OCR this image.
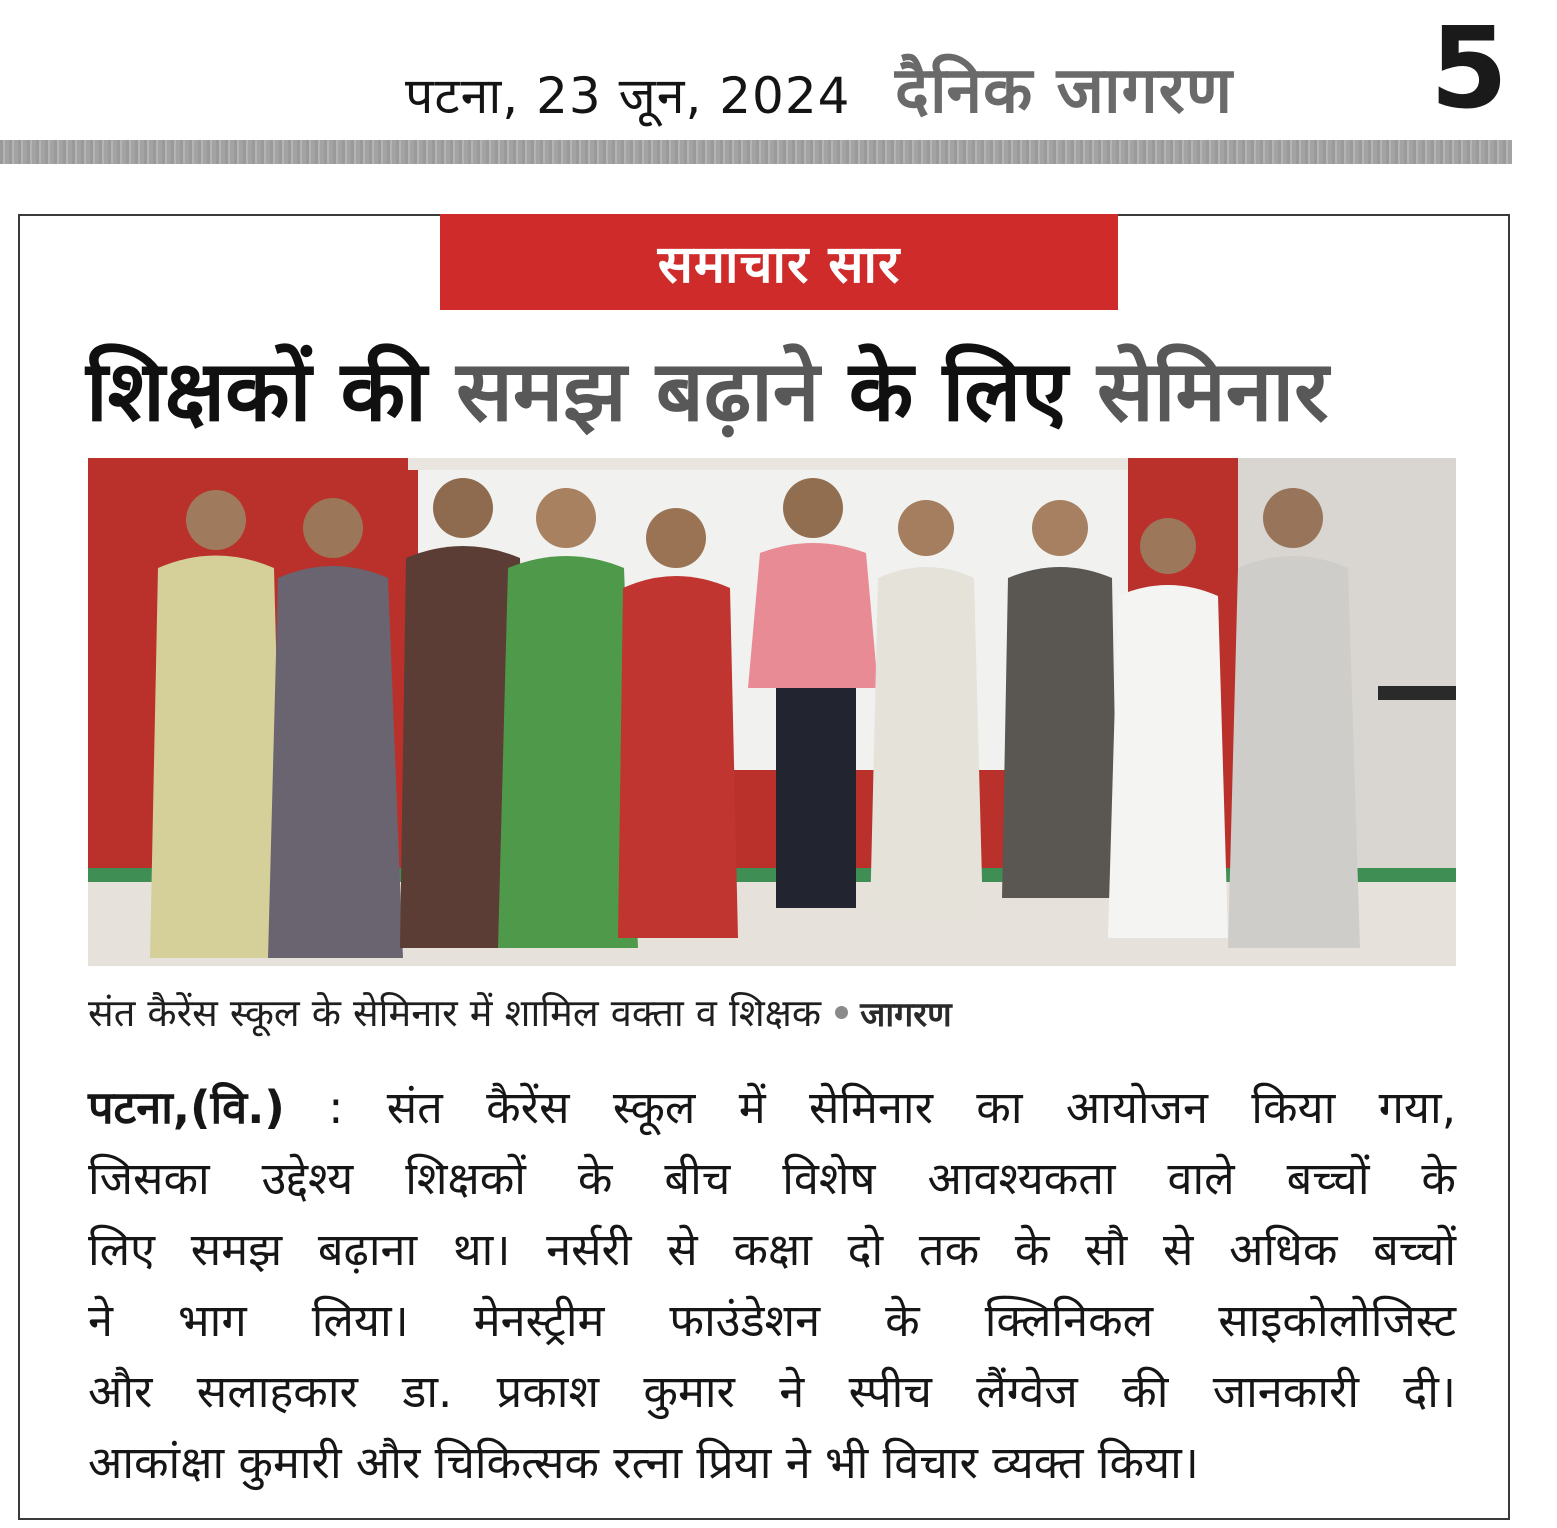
पटना, 23 जून, 2024 दैनिक जागरण 5
समाचार सार
शिक्षकों की समझ बढ़ाने के लिए सेमिनार
संत कैरेंस स्कूल के सेमिनार में शामिल वक्ता व शिक्षक जागरण
पटना,(वि.) : संत कैरेंस स्कूल में सेमिनार का आयोजन किया गया,
जिसका उद्देश्य शिक्षकों के बीच विशेष आवश्यकता वाले बच्चों के
लिए समझ बढ़ाना था। नर्सरी से कक्षा दो तक के सौ से अधिक बच्चों
ने भाग लिया। मेनस्ट्रीम फाउंडेशन के क्लिनिकल साइकोलोजिस्ट
और सलाहकार डा. प्रकाश कुमार ने स्पीच लैंग्वेज की जानकारी दी।
आकांक्षा कुमारी और चिकित्सक रत्ना प्रिया ने भी विचार व्यक्त किया।
